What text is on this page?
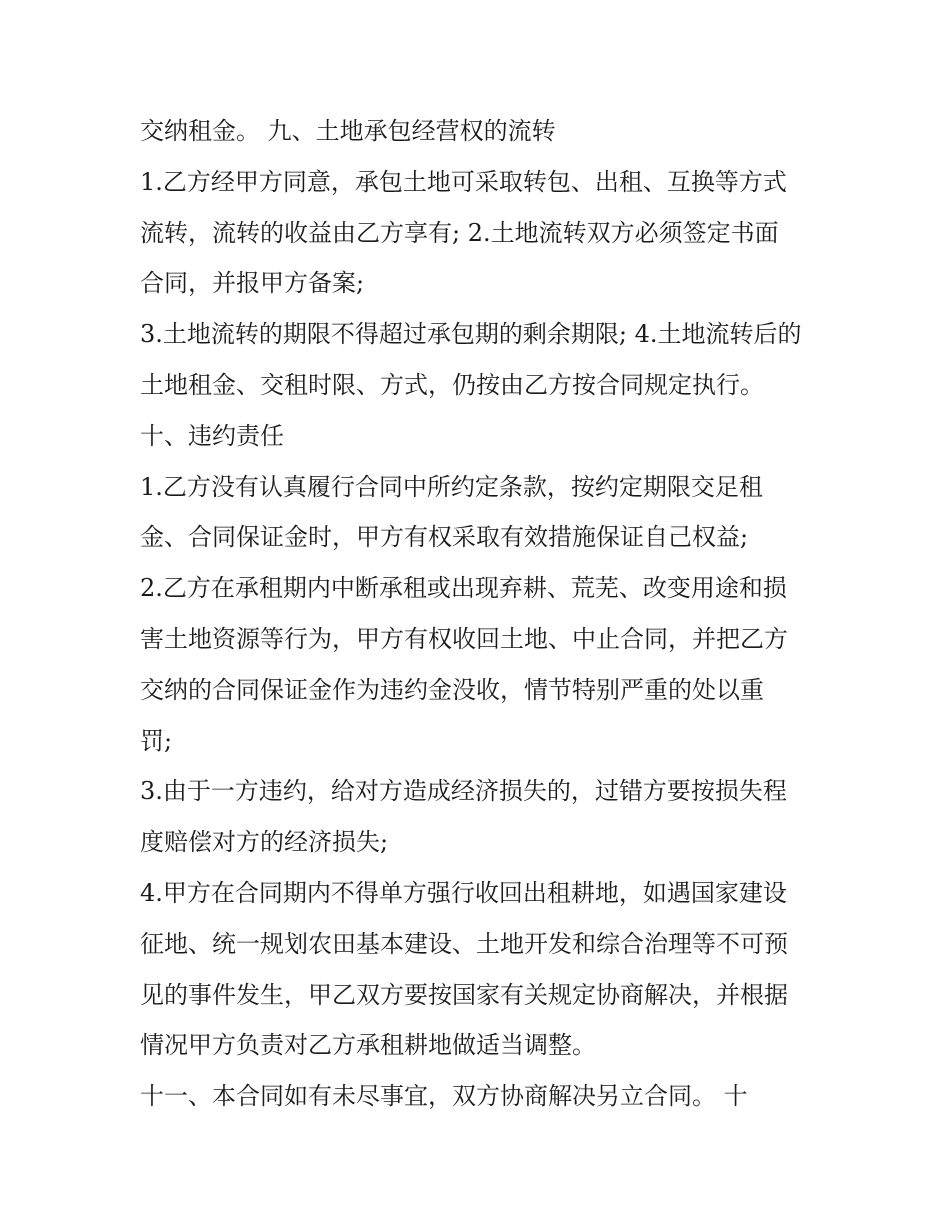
交纳租金。 九、土地承包经营权的流转
1.乙方经甲方同意，承包土地可采取转包、出租、互换等方式
流转，流转的收益由乙方享有; 2.土地流转双方必须签定书面
合同，并报甲方备案;
3.土地流转的期限不得超过承包期的剩余期限; 4.土地流转后的
土地租金、交租时限、方式，仍按由乙方按合同规定执行。
十、违约责任
1.乙方没有认真履行合同中所约定条款，按约定期限交足租
金、合同保证金时，甲方有权采取有效措施保证自己权益;
2.乙方在承租期内中断承租或出现弃耕、荒芜、改变用途和损
害土地资源等行为，甲方有权收回土地、中止合同，并把乙方
交纳的合同保证金作为违约金没收，情节特别严重的处以重
罚;
3.由于一方违约，给对方造成经济损失的，过错方要按损失程
度赔偿对方的经济损失;
4.甲方在合同期内不得单方强行收回出租耕地，如遇国家建设
征地、统一规划农田基本建设、土地开发和综合治理等不可预
见的事件发生，甲乙双方要按国家有关规定协商解决，并根据
情况甲方负责对乙方承租耕地做适当调整。
十一、本合同如有未尽事宜，双方协商解决另立合同。 十
